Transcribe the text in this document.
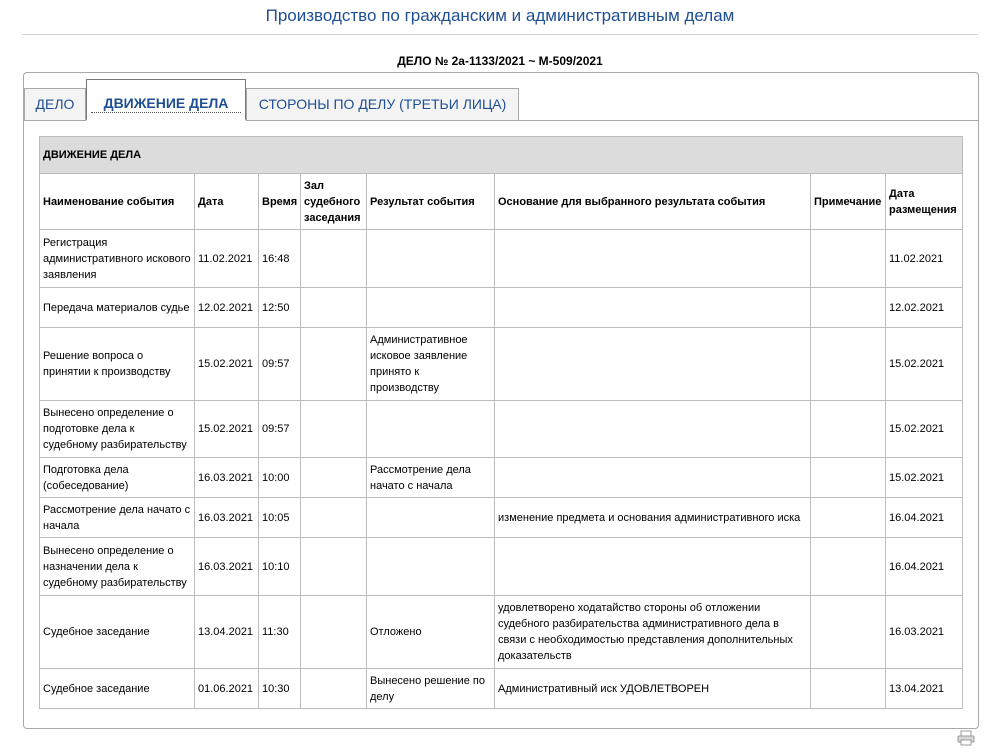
Производство по гражданским и административным делам
ДЕЛО № 2а-1133/2021 ~ М-509/2021
ДЕЛО	ДВИЖЕНИЕ ДЕЛА	СТОРОНЫ ПО ДЕЛУ (ТРЕТЬИ ЛИЦА)
ДВИЖЕНИЕ ДЕЛА							
Наименование события	Дата	Время	Зал судебного заседания	Результат события	Основание для выбранного результата события	Примечание	Дата размещения
Регистрация административного искового заявления	11.02.2021	16:48					11.02.2021
Передача материалов судье	12.02.2021	12:50					12.02.2021
Решение вопроса о принятии к производству	15.02.2021	09:57		Административное исковое заявление принято к производству			15.02.2021
Вынесено определение о подготовке дела к судебному разбирательству	15.02.2021	09:57					15.02.2021
Подготовка дела (собеседование)	16.03.2021	10:00		Рассмотрение дела начато с начала			15.02.2021
Рассмотрение дела начато с начала	16.03.2021	10:05			изменение предмета и основания административного иска		16.04.2021
Вынесено определение о назначении дела к судебному разбирательству	16.03.2021	10:10					16.04.2021
Судебное заседание	13.04.2021	11:30		Отложено	удовлетворено ходатайство стороны об отложении судебного разбирательства административного дела в связи с необходимостью представления дополнительных доказательств		16.03.2021
Судебное заседание	01.06.2021	10:30		Вынесено решение по делу	Административный иск УДОВЛЕТВОРЕН		13.04.2021
